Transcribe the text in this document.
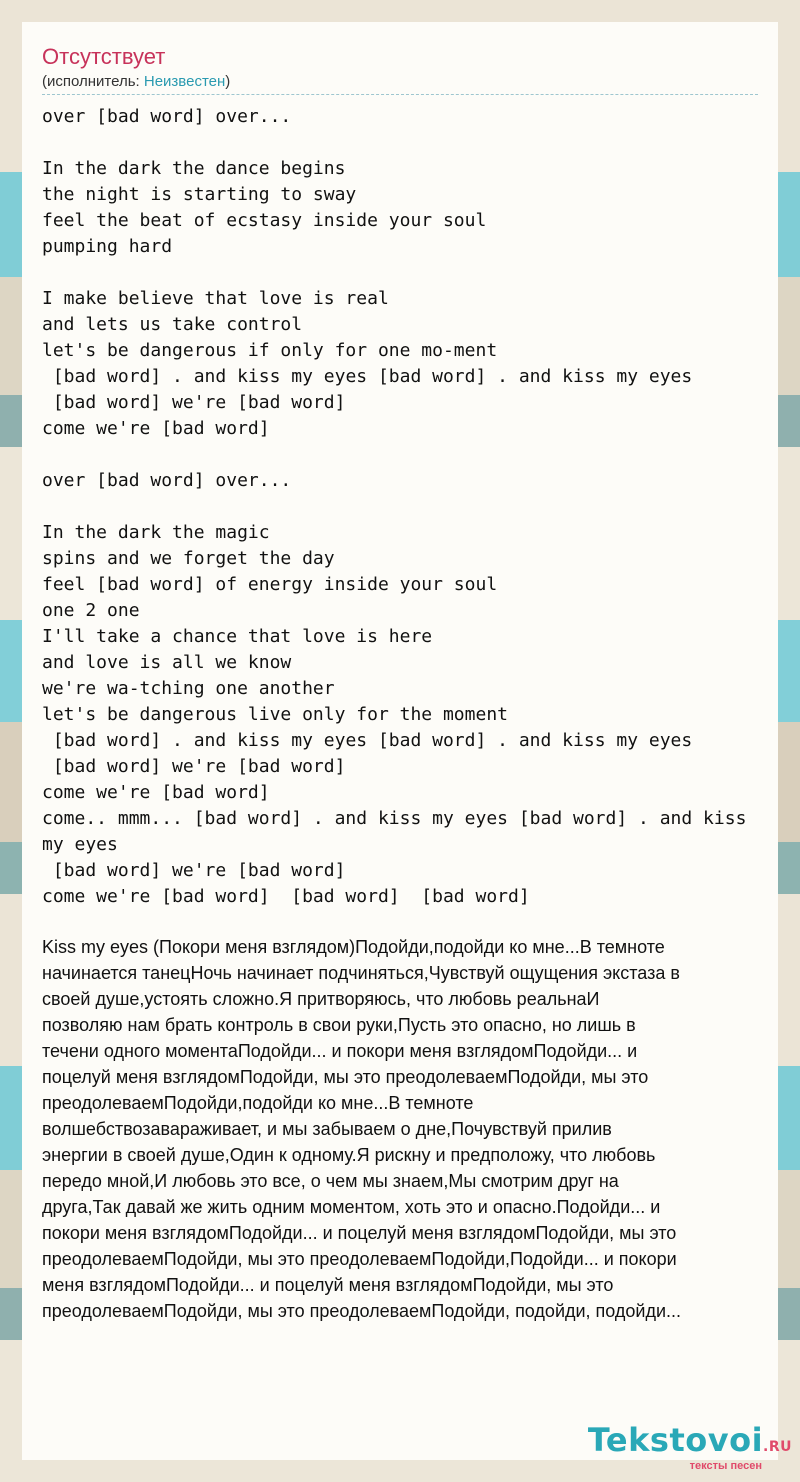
Отсутствует
(исполнитель: Неизвестен)
over [bad word] over...

In the dark the dance begins
the night is starting to sway
feel the beat of ecstasy inside your soul
pumping hard

I make believe that love is real
and lets us take control
let's be dangerous if only for one mo-ment
[bad word] . and kiss my eyes [bad word] . and kiss my eyes
[bad word] we're [bad word]
come we're [bad word]

over [bad word] over...

In the dark the magic
spins and we forget the day
feel [bad word] of energy inside your soul
one 2 one
I'll take a chance that love is here
and love is all we know
we're wa-tching one another
let's be dangerous live only for the moment
[bad word] . and kiss my eyes [bad word] . and kiss my eyes
[bad word] we're [bad word]
come we're [bad word]
come.. mmm... [bad word] . and kiss my eyes [bad word] . and kiss my eyes
[bad word] we're [bad word]
come we're [bad word]  [bad word]  [bad word]

Kiss my eyes (Покори меня взглядом)Подойди,подойди ко мне...В темноте начинается танецНочь начинает подчиняться,Чувствуй ощущения экстаза в своей душе,устоять сложно.Я притворяюсь, что любовь реальнаИ позволяю нам брать контроль в свои руки,Пусть это опасно, но лишь в течени одного моментаПодойди... и покори меня взглядомПодойди... и поцелуй меня взглядомПодойди, мы это преодолеваемПодойди, мы это преодолеваемПодойди,подойди ко мне...В темноте волшебствозавараживает, и мы забываем о дне,Почувствуй прилив энергии в своей душе,Один к одному.Я рискну и предположу, что любовь передо мной,И любовь это все, о чем мы знаем,Мы смотрим друг на друга,Так давай же жить одним моментом, хоть это и опасно.Подойди... и покори меня взглядомПодойди... и поцелуй меня взглядомПодойди, мы это преодолеваемПодойди, мы это преодолеваемПодойди,Подойди... и покори меня взглядомПодойди... и поцелуй меня взглядомПодойди, мы это преодолеваемПодойди, мы это преодолеваемПодойди, подойди, подойди...

Tekstovoi.RU
тексты песен
